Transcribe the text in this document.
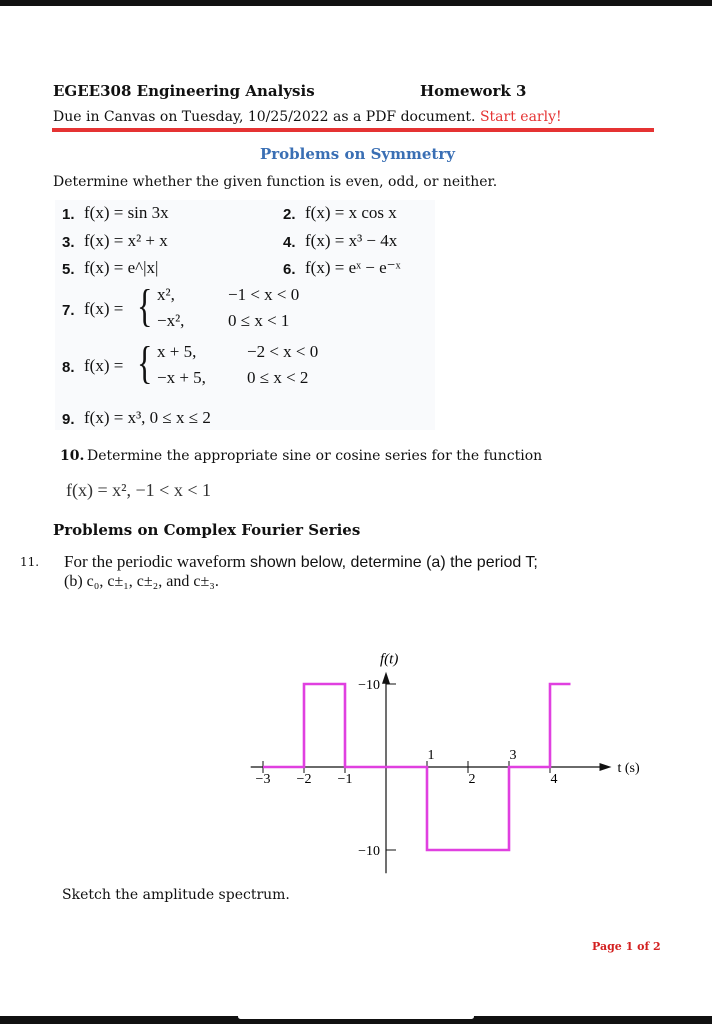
EGEE308 Engineering Analysis	Homework 3
Due in Canvas on Tuesday, 10/25/2022 as a PDF document. Start early!
Problems on Symmetry
Determine whether the given function is even, odd, or neither.
1. f(x) = sin 3x	2. f(x) = x cos x
3. f(x) = x² + x	4. f(x) = x³ − 4x
5. f(x) = e^|x|	6. f(x) = eˣ − e⁻ˣ
7. f(x) = { x²,	−1 < x < 0
−x²,	0 ≤ x < 1
8. f(x) = { x + 5,	−2 < x < 0
−x + 5, 0 ≤ x < 2
9. f(x) = x³, 0 ≤ x ≤ 2
10. Determine the appropriate sine or cosine series for the function
f(x) = x², −1 < x < 1
Problems on Complex Fourier Series
11. For the periodic waveform shown below, determine (a) the period T;
(b) c₀, c±₁, c±₂, and c±₃.
−10
−10
−3 −2 −1
1
2
3
4
f(t)
t (s)
Sketch the amplitude spectrum.
Page 1 of 2
